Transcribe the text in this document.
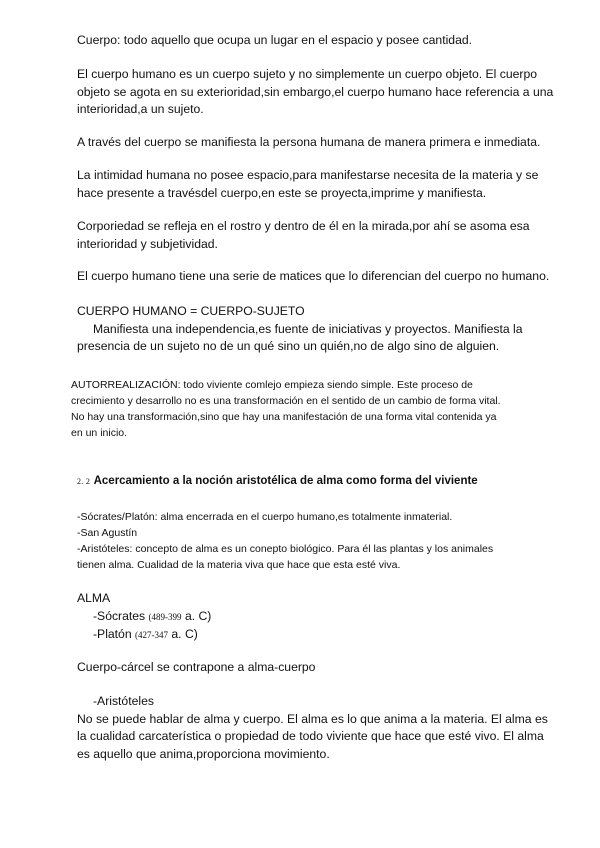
Cuerpo: todo aquello que ocupa un lugar en el espacio y posee cantidad.

El cuerpo humano es un cuerpo sujeto y no simplemente un cuerpo objeto. El cuerpo
objeto se agota en su exterioridad,sin embargo,el cuerpo humano hace referencia a una
interioridad,a un sujeto.

A través del cuerpo se manifiesta la persona humana de manera primera e inmediata.

La intimidad humana no posee espacio,para manifestarse necesita de la materia y se
hace presente a travésdel cuerpo,en este se proyecta,imprime y manifiesta.

Corporiedad se refleja en el rostro y dentro de él en la mirada,por ahí se asoma esa
interioridad y subjetividad.

El cuerpo humano tiene una serie de matices que lo diferencian del cuerpo no humano.

CUERPO HUMANO = CUERPO-SUJETO
Manifiesta una independencia,es fuente de iniciativas y proyectos. Manifiesta la
presencia de un sujeto no de un qué sino un quién,no de algo sino de alguien.

AUTORREALIZACIÓN: todo viviente comlejo empieza siendo simple. Este proceso de
crecimiento y desarrollo no es una transformación en el sentido de un cambio de forma vital.
No hay una transformación,sino que hay una manifestación de una forma vital contenida ya
en un inicio.

2. 2 Acercamiento a la noción aristotélica de alma como forma del viviente

-Sócrates/Platón: alma encerrada en el cuerpo humano,es totalmente inmaterial.
-San Agustín
-Aristóteles: concepto de alma es un conepto biológico. Para él las plantas y los animales
tienen alma. Cualidad de la materia viva que hace que esta esté viva.

ALMA
-Sócrates (489-399 a. C)
-Platón (427-347 a. C)

Cuerpo-cárcel se contrapone a alma-cuerpo

-Aristóteles
No se puede hablar de alma y cuerpo. El alma es lo que anima a la materia. El alma es
la cualidad carcaterística o propiedad de todo viviente que hace que esté vivo. El alma
es aquello que anima,proporciona movimiento.
